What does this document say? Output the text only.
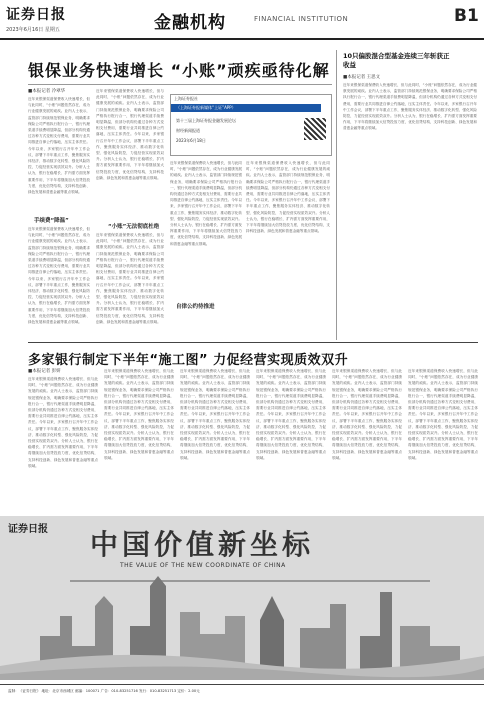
证券日报
2023年6月16日 星期五	金融机构	FINANCIAL INSTITUTION	B1
银保业务快速增长 “小账”顽疾亟待化解
■本报记者 冷翠华
近年来银保渠道保费收入快速增长，但与此同时，“小账”问题依然存在，成为行业健康发展的顽疾。业内人士表示，监管部门持续规范银保业务，明确要求保险公司严格执行报行合一，银行代理渠道手续费明显降温，但部分机构仍通过各种方式变相支付费用，需要行业共同推进自律公约落地，压实主体责任。今年以来，多家银行召开年中工作会议，部署下半年重点工作，聚焦服务实体经济、推动数字化转型、强化风险防控，力促经营实现质效双升。分析人士认为，银行在稳增长、扩内需方面发挥重要作用，下半年将继续加大信贷投放力度，优化信贷结构，支持科技创新、绿色发展和普惠金融等重点领域。
手续费“降温”
近年来银保渠道保费收入快速增长，但与此同时，“小账”问题依然存在，成为行业健康发展的顽疾。业内人士表示，监管部门持续规范银保业务，明确要求保险公司严格执行报行合一，银行代理渠道手续费明显降温，但部分机构仍通过各种方式变相支付费用，需要行业共同推进自律公约落地，压实主体责任。今年以来，多家银行召开年中工作会议，部署下半年重点工作，聚焦服务实体经济、推动数字化转型、强化风险防控，力促经营实现质效双升。分析人士认为，银行在稳增长、扩内需方面发挥重要作用，下半年将继续加大信贷投放力度，优化信贷结构，支持科技创新、绿色发展和普惠金融等重点领域。
近年来银保渠道保费收入快速增长，但与此同时，“小账”问题依然存在，成为行业健康发展的顽疾。业内人士表示，监管部门持续规范银保业务，明确要求保险公司严格执行报行合一，银行代理渠道手续费明显降温，但部分机构仍通过各种方式变相支付费用，需要行业共同推进自律公约落地，压实主体责任。今年以来，多家银行召开年中工作会议，部署下半年重点工作，聚焦服务实体经济、推动数字化转型、强化风险防控，力促经营实现质效双升。分析人士认为，银行在稳增长、扩内需方面发挥重要作用，下半年将继续加大信贷投放力度，优化信贷结构，支持科技创新、绿色发展和普惠金融等重点领域。
“小账”无法彻底杜绝
近年来银保渠道保费收入快速增长，但与此同时，“小账”问题依然存在，成为行业健康发展的顽疾。业内人士表示，监管部门持续规范银保业务，明确要求保险公司严格执行报行合一，银行代理渠道手续费明显降温，但部分机构仍通过各种方式变相支付费用，需要行业共同推进自律公约落地，压实主体责任。今年以来，多家银行召开年中工作会议，部署下半年重点工作，聚焦服务实体经济、推动数字化转型、强化风险防控，力促经营实现质效双升。分析人士认为，银行在稳增长、扩内需方面发挥重要作用，下半年将继续加大信贷投放力度，优化信贷结构，支持科技创新、绿色发展和普惠金融等重点领域。
上海证券报社
（上海证券报新媒体“上证”APP）
第十三届上海证券报金融发展论坛
财经新闻报道
2023年6月18日
近年来银保渠道保费收入快速增长，但与此同时，“小账”问题依然存在，成为行业健康发展的顽疾。业内人士表示，监管部门持续规范银保业务，明确要求保险公司严格执行报行合一，银行代理渠道手续费明显降温，但部分机构仍通过各种方式变相支付费用，需要行业共同推进自律公约落地，压实主体责任。今年以来，多家银行召开年中工作会议，部署下半年重点工作，聚焦服务实体经济、推动数字化转型、强化风险防控，力促经营实现质效双升。分析人士认为，银行在稳增长、扩内需方面发挥重要作用，下半年将继续加大信贷投放力度，优化信贷结构，支持科技创新、绿色发展和普惠金融等重点领域。
近年来银保渠道保费收入快速增长，但与此同时，“小账”问题依然存在，成为行业健康发展的顽疾。业内人士表示，监管部门持续规范银保业务，明确要求保险公司严格执行报行合一，银行代理渠道手续费明显降温，但部分机构仍通过各种方式变相支付费用，需要行业共同推进自律公约落地，压实主体责任。今年以来，多家银行召开年中工作会议，部署下半年重点工作，聚焦服务实体经济、推动数字化转型、强化风险防控，力促经营实现质效双升。分析人士认为，银行在稳增长、扩内需方面发挥重要作用，下半年将继续加大信贷投放力度，优化信贷结构，支持科技创新、绿色发展和普惠金融等重点领域。
自律公约待推进
10只偏股混合型基金连续三年斩获正收益
■本报记者 王思文
近年来银保渠道保费收入快速增长，但与此同时，“小账”问题依然存在，成为行业健康发展的顽疾。业内人士表示，监管部门持续规范银保业务，明确要求保险公司严格执行报行合一，银行代理渠道手续费明显降温，但部分机构仍通过各种方式变相支付费用，需要行业共同推进自律公约落地，压实主体责任。今年以来，多家银行召开年中工作会议，部署下半年重点工作，聚焦服务实体经济、推动数字化转型、强化风险防控，力促经营实现质效双升。分析人士认为，银行在稳增长、扩内需方面发挥重要作用，下半年将继续加大信贷投放力度，优化信贷结构，支持科技创新、绿色发展和普惠金融等重点领域。
多家银行制定下半年“施工图” 力促经营实现质效双升
■本报记者 彭妍
近年来银保渠道保费收入快速增长，但与此同时，“小账”问题依然存在，成为行业健康发展的顽疾。业内人士表示，监管部门持续规范银保业务，明确要求保险公司严格执行报行合一，银行代理渠道手续费明显降温，但部分机构仍通过各种方式变相支付费用，需要行业共同推进自律公约落地，压实主体责任。今年以来，多家银行召开年中工作会议，部署下半年重点工作，聚焦服务实体经济、推动数字化转型、强化风险防控，力促经营实现质效双升。分析人士认为，银行在稳增长、扩内需方面发挥重要作用，下半年将继续加大信贷投放力度，优化信贷结构，支持科技创新、绿色发展和普惠金融等重点领域。
近年来银保渠道保费收入快速增长，但与此同时，“小账”问题依然存在，成为行业健康发展的顽疾。业内人士表示，监管部门持续规范银保业务，明确要求保险公司严格执行报行合一，银行代理渠道手续费明显降温，但部分机构仍通过各种方式变相支付费用，需要行业共同推进自律公约落地，压实主体责任。今年以来，多家银行召开年中工作会议，部署下半年重点工作，聚焦服务实体经济、推动数字化转型、强化风险防控，力促经营实现质效双升。分析人士认为，银行在稳增长、扩内需方面发挥重要作用，下半年将继续加大信贷投放力度，优化信贷结构，支持科技创新、绿色发展和普惠金融等重点领域。
近年来银保渠道保费收入快速增长，但与此同时，“小账”问题依然存在，成为行业健康发展的顽疾。业内人士表示，监管部门持续规范银保业务，明确要求保险公司严格执行报行合一，银行代理渠道手续费明显降温，但部分机构仍通过各种方式变相支付费用，需要行业共同推进自律公约落地，压实主体责任。今年以来，多家银行召开年中工作会议，部署下半年重点工作，聚焦服务实体经济、推动数字化转型、强化风险防控，力促经营实现质效双升。分析人士认为，银行在稳增长、扩内需方面发挥重要作用，下半年将继续加大信贷投放力度，优化信贷结构，支持科技创新、绿色发展和普惠金融等重点领域。
近年来银保渠道保费收入快速增长，但与此同时，“小账”问题依然存在，成为行业健康发展的顽疾。业内人士表示，监管部门持续规范银保业务，明确要求保险公司严格执行报行合一，银行代理渠道手续费明显降温，但部分机构仍通过各种方式变相支付费用，需要行业共同推进自律公约落地，压实主体责任。今年以来，多家银行召开年中工作会议，部署下半年重点工作，聚焦服务实体经济、推动数字化转型、强化风险防控，力促经营实现质效双升。分析人士认为，银行在稳增长、扩内需方面发挥重要作用，下半年将继续加大信贷投放力度，优化信贷结构，支持科技创新、绿色发展和普惠金融等重点领域。
近年来银保渠道保费收入快速增长，但与此同时，“小账”问题依然存在，成为行业健康发展的顽疾。业内人士表示，监管部门持续规范银保业务，明确要求保险公司严格执行报行合一，银行代理渠道手续费明显降温，但部分机构仍通过各种方式变相支付费用，需要行业共同推进自律公约落地，压实主体责任。今年以来，多家银行召开年中工作会议，部署下半年重点工作，聚焦服务实体经济、推动数字化转型、强化风险防控，力促经营实现质效双升。分析人士认为，银行在稳增长、扩内需方面发挥重要作用，下半年将继续加大信贷投放力度，优化信贷结构，支持科技创新、绿色发展和普惠金融等重点领域。
近年来银保渠道保费收入快速增长，但与此同时，“小账”问题依然存在，成为行业健康发展的顽疾。业内人士表示，监管部门持续规范银保业务，明确要求保险公司严格执行报行合一，银行代理渠道手续费明显降温，但部分机构仍通过各种方式变相支付费用，需要行业共同推进自律公约落地，压实主体责任。今年以来，多家银行召开年中工作会议，部署下半年重点工作，聚焦服务实体经济、推动数字化转型、强化风险防控，力促经营实现质效双升。分析人士认为，银行在稳增长、扩内需方面发挥重要作用，下半年将继续加大信贷投放力度，优化信贷结构，支持科技创新、绿色发展和普惠金融等重点领域。
证券日报 中国价值新坐标
THE VALUE OF THE NEW COORDINATE OF CHINA
监制：《证券日报》 地址：北京市西城区 邮编：100071 广告：010-83251716 发行：010-83251713 定价：2.00元
